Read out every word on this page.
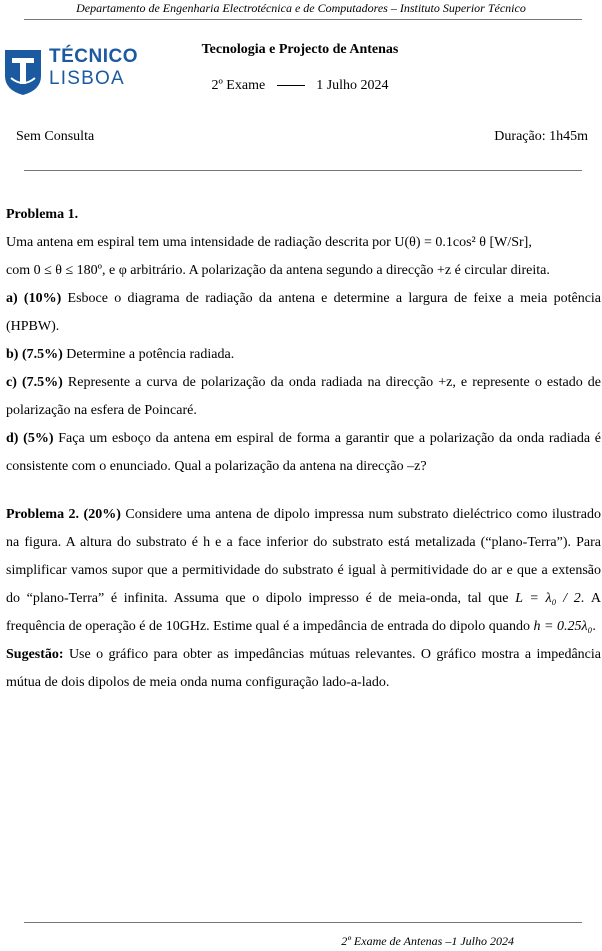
Departamento de Engenharia Electrotécnica e de Computadores – Instituto Superior Técnico
TÉCNICO
LISBOA
Tecnologia e Projecto de Antenas
2º Exame	1 Julho 2024
Sem Consulta	Duração: 1h45m

Problema 1.

Uma antena em espiral tem uma intensidade de radiação descrita por U(θ) = 0.1cos² θ [W/Sr],

com 0 ≤ θ ≤ 180º, e φ arbitrário. A polarização da antena segundo a direcção +z é circular direita.

a) (10%) Esboce o diagrama de radiação da antena e determine a largura de feixe a meia potência (HPBW).

b) (7.5%) Determine a potência radiada.

c) (7.5%) Represente a curva de polarização da onda radiada na direcção +z, e represente o estado de polarização na esfera de Poincaré.

d) (5%) Faça um esboço da antena em espiral de forma a garantir que a polarização da onda radiada é consistente com o enunciado. Qual a polarização da antena na direcção –z?

Problema 2. (20%) Considere uma antena de dipolo impressa num substrato dieléctrico como ilustrado na figura. A altura do substrato é h e a face inferior do substrato está metalizada (“plano-Terra”). Para simplificar vamos supor que a permitividade do substrato é igual à permitividade do ar e que a extensão do “plano-Terra” é infinita. Assuma que o dipolo impresso é de meia-onda, tal que L = λ₀ / 2. A frequência de operação é de 10GHz. Estime qual é a impedância de entrada do dipolo quando h = 0.25λ₀.

Sugestão: Use o gráfico para obter as impedâncias mútuas relevantes. O gráfico mostra a impedância mútua de dois dipolos de meia onda numa configuração lado-a-lado.

2º Exame de Antenas –1 Julho 2024
